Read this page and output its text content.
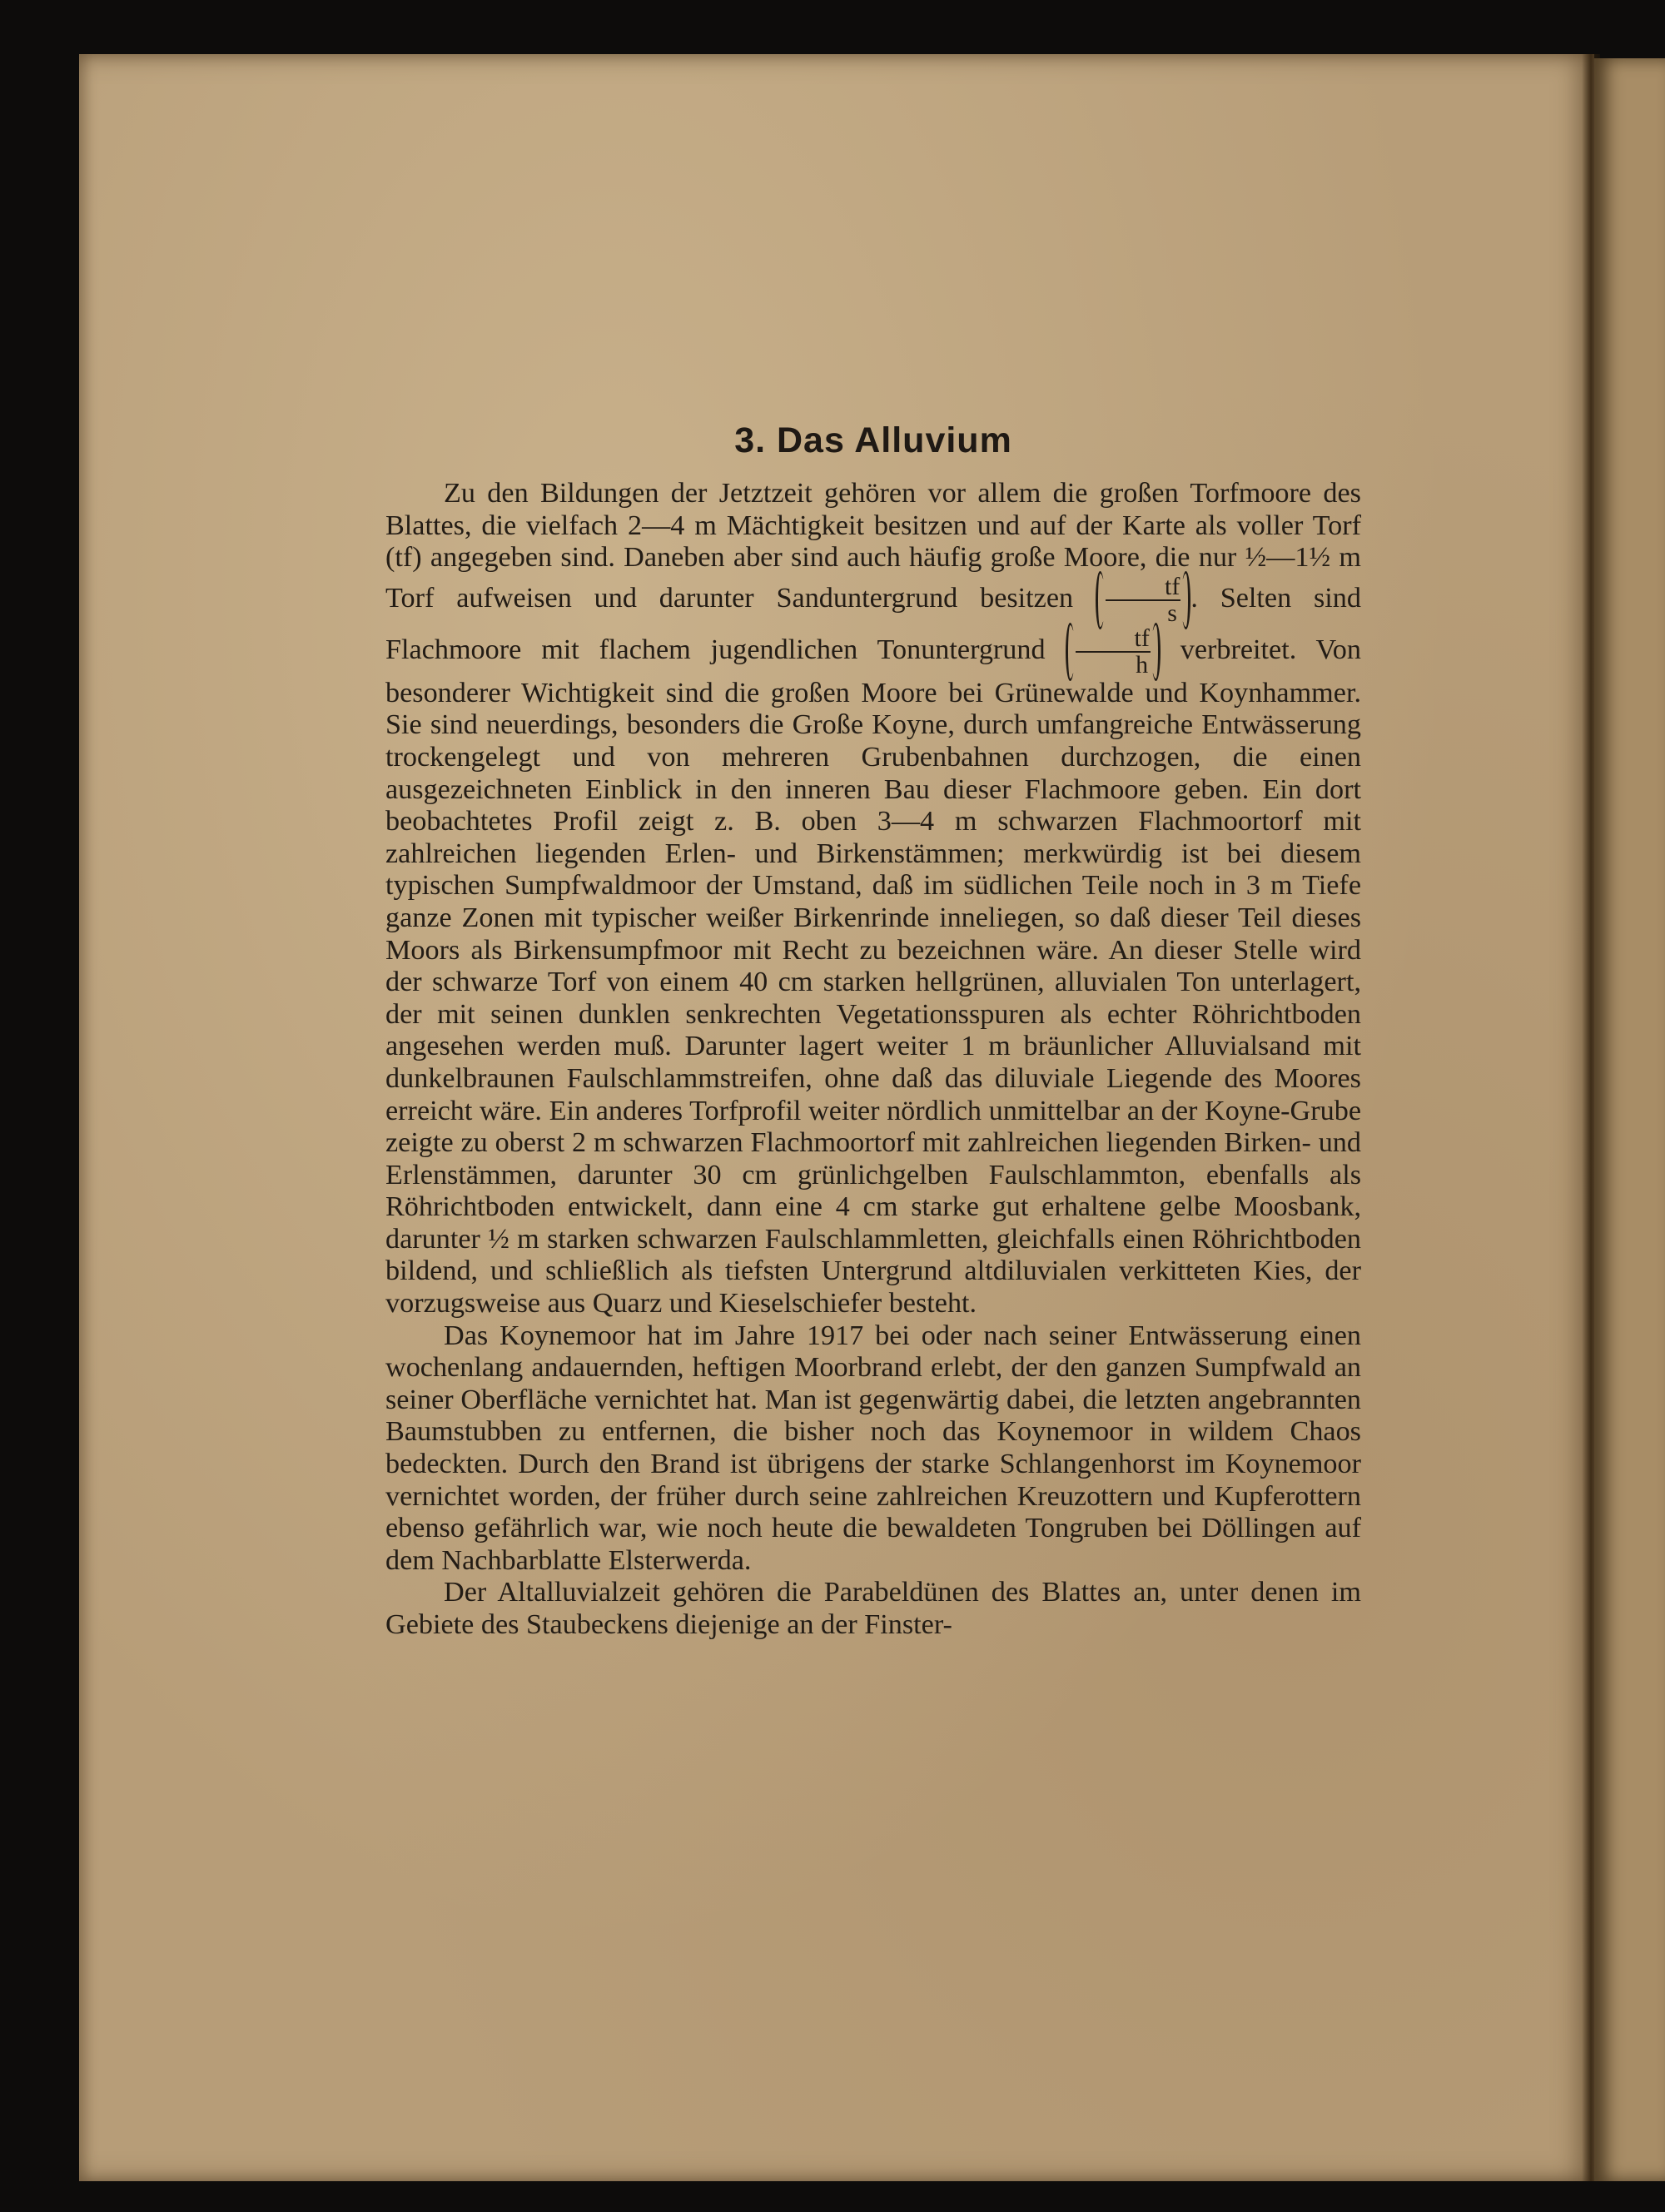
3. Das Alluvium

Zu den Bildungen der Jetztzeit gehören vor allem die großen Torfmoore des Blattes, die vielfach 2—4 m Mächtigkeit besitzen und auf der Karte als voller Torf (tf) angegeben sind. Daneben aber sind auch häufig große Moore, die nur ½—1½ m Torf aufweisen und darunter Sanduntergrund besitzen $\frac{tf}{s}$ . Selten sind Flachmoore mit flachem jugendlichen Tonuntergrund $\frac{tf}{h}$ verbreitet. Von besonderer Wichtigkeit sind die großen Moore bei Grünewalde und Koynhammer. Sie sind neuerdings, besonders die Große Koyne, durch umfangreiche Entwässerung trockengelegt und von mehreren Grubenbahnen durchzogen, die einen ausgezeichneten Einblick in den inneren Bau dieser Flachmoore geben. Ein dort beobachtetes Profil zeigt z. B. oben 3—4 m schwarzen Flachmoortorf mit zahlreichen liegenden Erlen- und Birkenstämmen; merkwürdig ist bei diesem typischen Sumpfwaldmoor der Umstand, daß im südlichen Teile noch in 3 m Tiefe ganze Zonen mit typischer weißer Birkenrinde inneliegen, so daß dieser Teil dieses Moors als Birkensumpfmoor mit Recht zu bezeichnen wäre. An dieser Stelle wird der schwarze Torf von einem 40 cm starken hellgrünen, alluvialen Ton unterlagert, der mit seinen dunklen senkrechten Vegetationsspuren als echter Röhrichtboden angesehen werden muß. Darunter lagert weiter 1 m bräunlicher Alluvialsand mit dunkelbraunen Faulschlammstreifen, ohne daß das diluviale Liegende des Moores erreicht wäre. Ein anderes Torfprofil weiter nördlich unmittelbar an der Koyne-Grube zeigte zu oberst 2 m schwarzen Flachmoortorf mit zahlreichen liegenden Birken- und Erlenstämmen, darunter 30 cm grünlichgelben Faulschlammton, ebenfalls als Röhrichtboden entwickelt, dann eine 4 cm starke gut erhaltene gelbe Moosbank, darunter ½ m starken schwarzen Faulschlammletten, gleichfalls einen Röhrichtboden bildend, und schließlich als tiefsten Untergrund altdiluvialen verkitteten Kies, der vorzugsweise aus Quarz und Kieselschiefer besteht.

Das Koynemoor hat im Jahre 1917 bei oder nach seiner Entwässerung einen wochenlang andauernden, heftigen Moorbrand erlebt, der den ganzen Sumpfwald an seiner Oberfläche vernichtet hat. Man ist gegenwärtig dabei, die letzten angebrannten Baumstubben zu entfernen, die bisher noch das Koynemoor in wildem Chaos bedeckten. Durch den Brand ist übrigens der starke Schlangenhorst im Koynemoor vernichtet worden, der früher durch seine zahlreichen Kreuzottern und Kupferottern ebenso gefährlich war, wie noch heute die bewaldeten Tongruben bei Döllingen auf dem Nachbarblatte Elsterwerda.

Der Altalluvialzeit gehören die Parabeldünen des Blattes an, unter denen im Gebiete des Staubeckens diejenige an der Finster-
